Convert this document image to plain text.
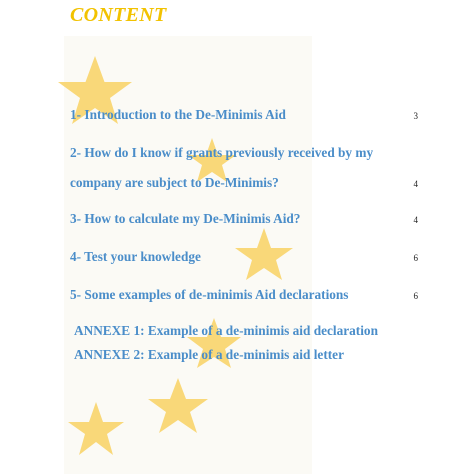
CONTENT
1- Introduction to the De-Minimis Aid	3
2- How do I know if grants previously received by my
company are subject to De-Minimis?	4
3- How to calculate my De-Minimis Aid?	4
4- Test your knowledge	6
5- Some examples of de-minimis Aid declarations	6
ANNEXE 1: Example of a de-minimis aid declaration
ANNEXE 2: Example of a de-minimis aid letter
